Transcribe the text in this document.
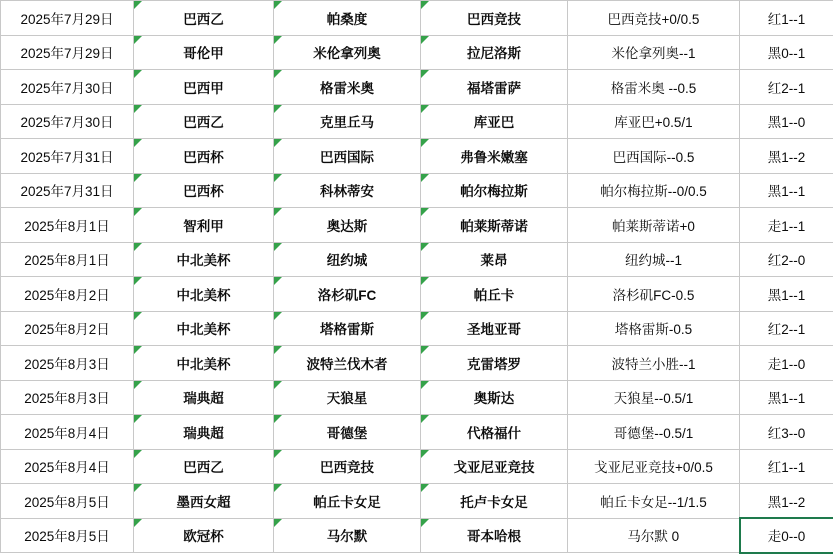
2025年7月29日	巴西乙	帕桑度	巴西竞技	巴西竞技+0/0.5	红1--1
2025年7月29日	哥伦甲	米伦拿列奥	拉尼洛斯	米伦拿列奥--1	黑0--1
2025年7月30日	巴西甲	格雷米奥	福塔雷萨	格雷米奥 --0.5	红2--1
2025年7月30日	巴西乙	克里丘马	库亚巴	库亚巴+0.5/1	黑1--0
2025年7月31日	巴西杯	巴西国际	弗鲁米嫩塞	巴西国际--0.5	黑1--2
2025年7月31日	巴西杯	科林蒂安	帕尔梅拉斯	帕尔梅拉斯--0/0.5	黑1--1
2025年8月1日	智利甲	奥达斯	帕莱斯蒂诺	帕莱斯蒂诺+0	走1--1
2025年8月1日	中北美杯	纽约城	莱昂	纽约城--1	红2--0
2025年8月2日	中北美杯	洛杉矶FC	帕丘卡	洛杉矶FC-0.5	黑1--1
2025年8月2日	中北美杯	塔格雷斯	圣地亚哥	塔格雷斯-0.5	红2--1
2025年8月3日	中北美杯	波特兰伐木者	克雷塔罗	波特兰小胜--1	走1--0
2025年8月3日	瑞典超	天狼星	奥斯达	天狼星--0.5/1	黑1--1
2025年8月4日	瑞典超	哥德堡	代格福什	哥德堡--0.5/1	红3--0
2025年8月4日	巴西乙	巴西竞技	戈亚尼亚竞技	戈亚尼亚竞技+0/0.5	红1--1
2025年8月5日	墨西女超	帕丘卡女足	托卢卡女足	帕丘卡女足--1/1.5	黑1--2
2025年8月5日	欧冠杯	马尔默	哥本哈根	马尔默 0	走0--0
